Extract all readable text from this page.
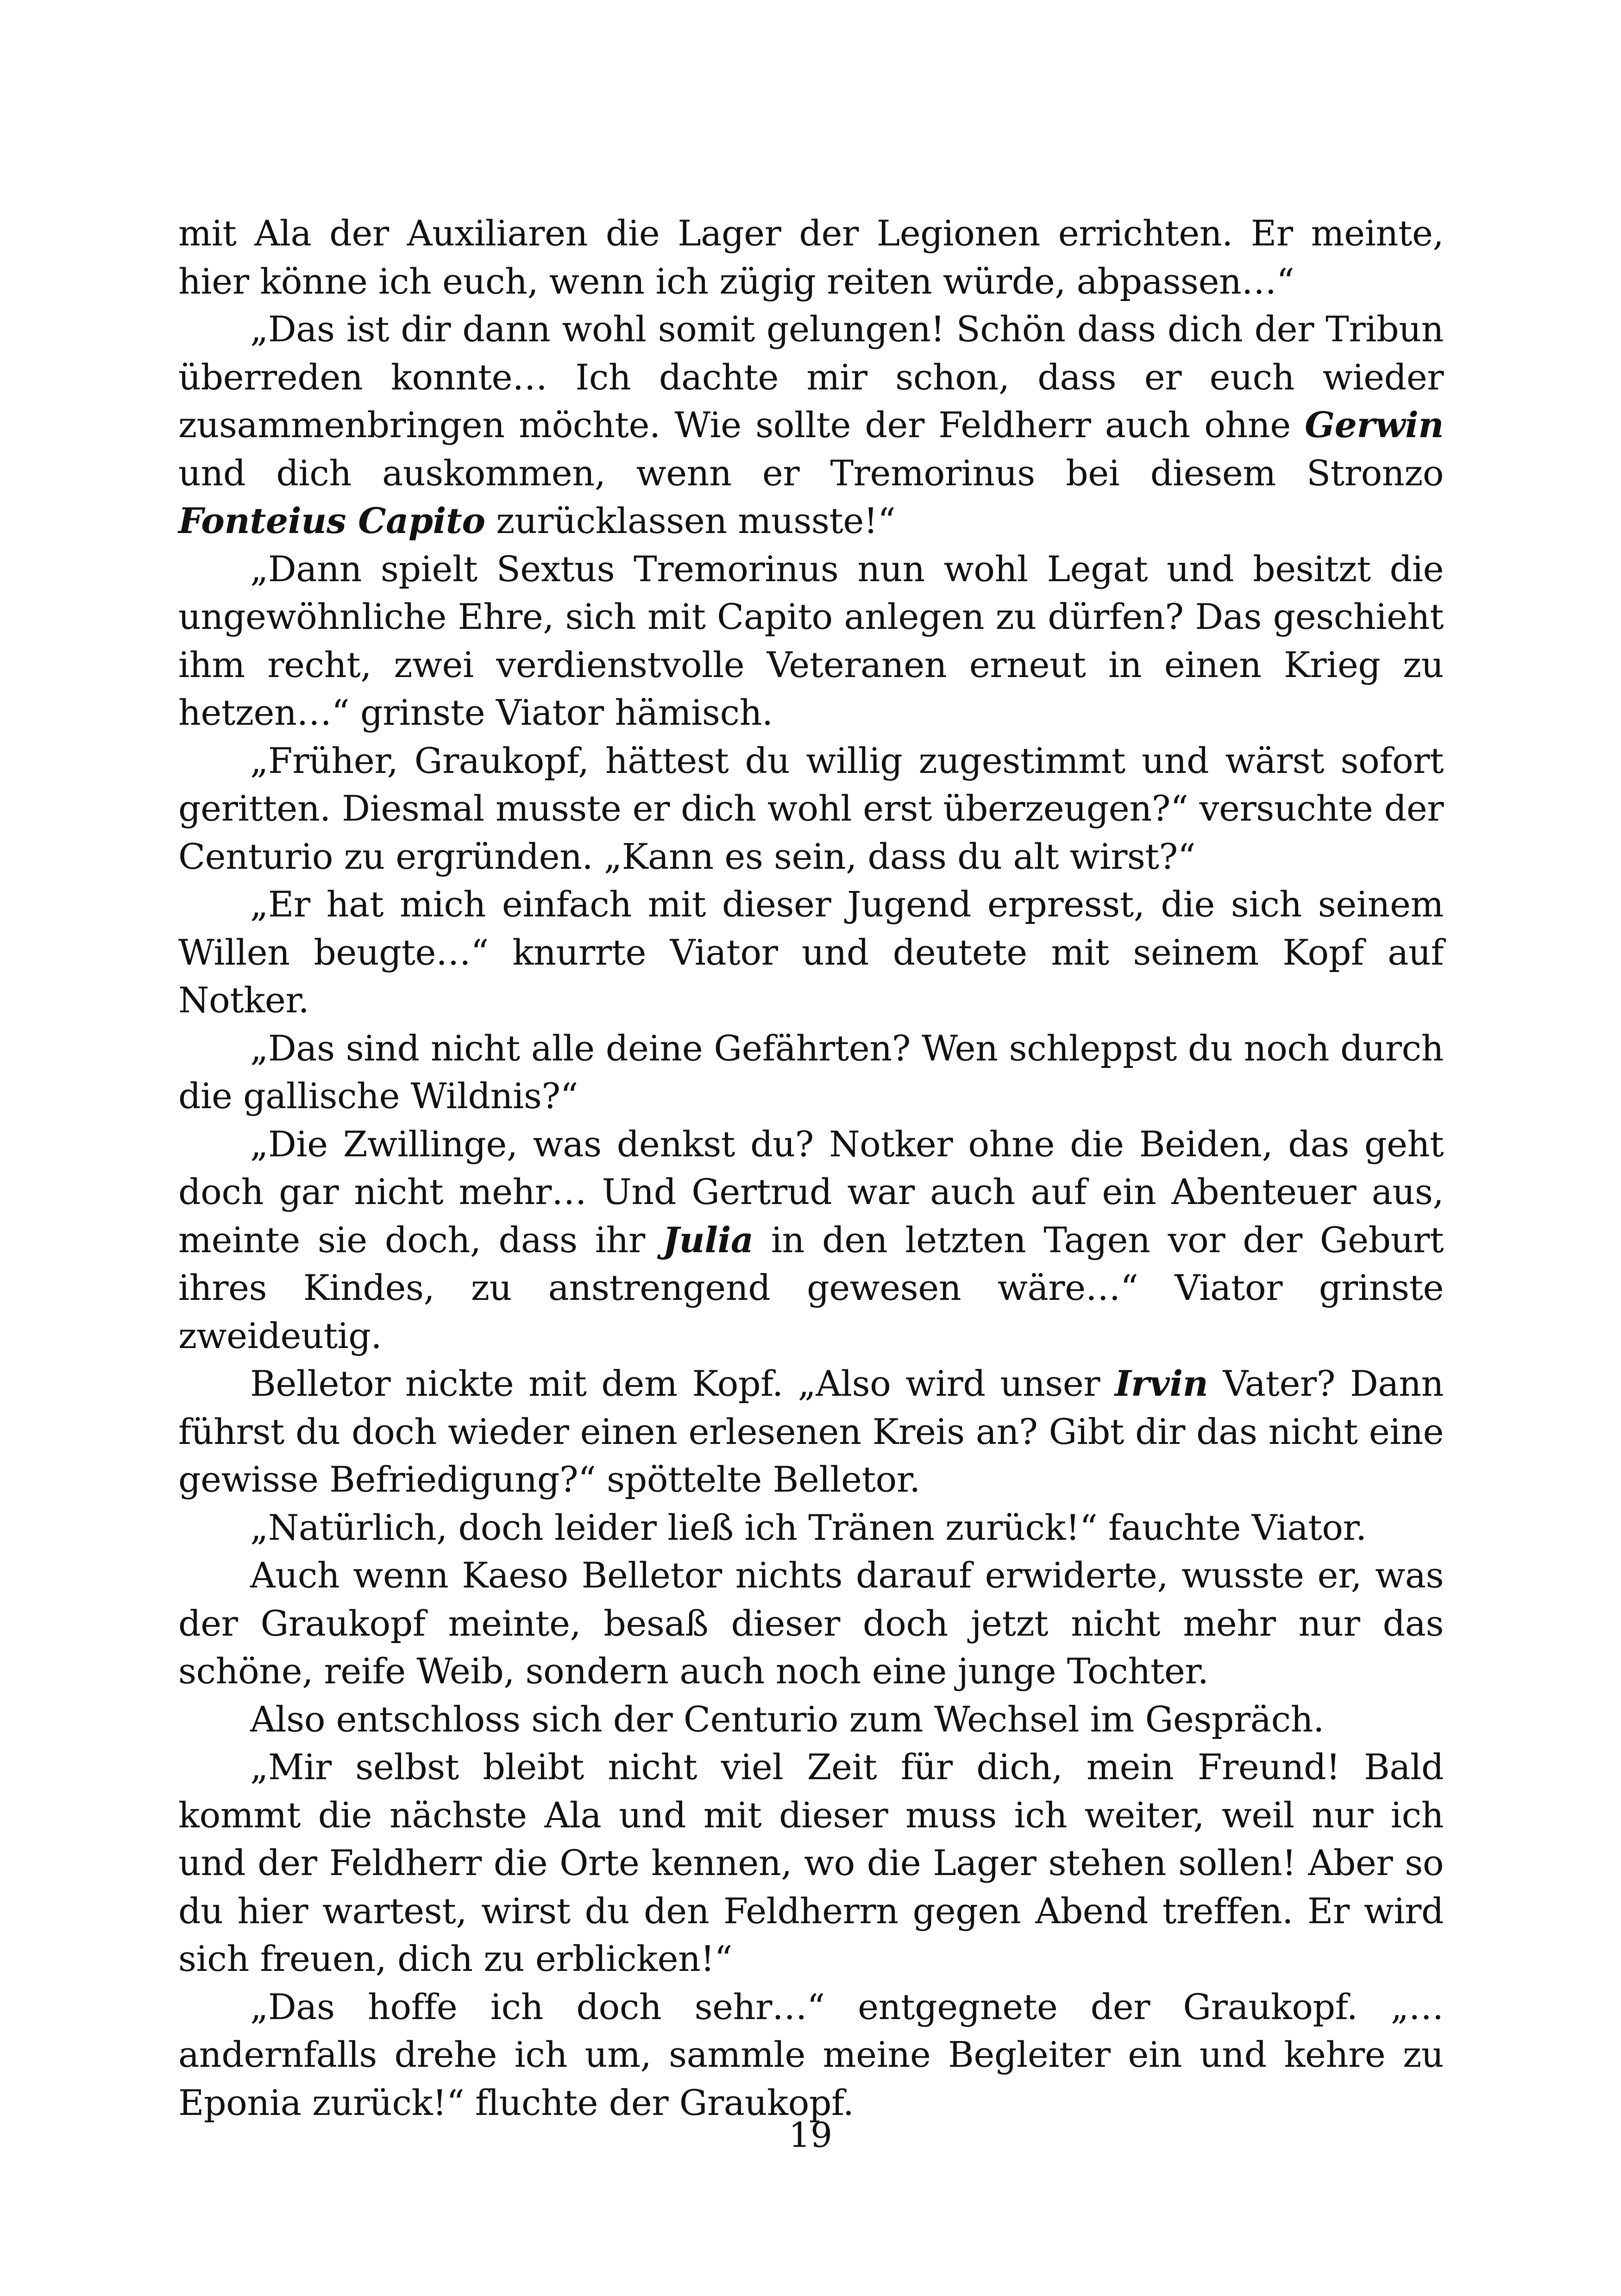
mit Ala der Auxiliaren die Lager der Legionen errichten. Er meinte, hier könne ich euch, wenn ich zügig reiten würde, abpassen…“

„Das ist dir dann wohl somit gelungen! Schön dass dich der Tribun überreden konnte… Ich dachte mir schon, dass er euch wieder zusammenbringen möchte. Wie sollte der Feldherr auch ohne Gerwin und dich auskommen, wenn er Tremorinus bei diesem Stronzo Fonteius Capito zurücklassen musste!“

„Dann spielt Sextus Tremorinus nun wohl Legat und besitzt die ungewöhnliche Ehre, sich mit Capito anlegen zu dürfen? Das geschieht ihm recht, zwei verdienstvolle Veteranen erneut in einen Krieg zu hetzen…“ grinste Viator hämisch.

„Früher, Graukopf, hättest du willig zugestimmt und wärst sofort geritten. Diesmal musste er dich wohl erst überzeugen?“ versuchte der Centurio zu ergründen. „Kann es sein, dass du alt wirst?“

„Er hat mich einfach mit dieser Jugend erpresst, die sich seinem Willen beugte…“ knurrte Viator und deutete mit seinem Kopf auf Notker.

„Das sind nicht alle deine Gefährten? Wen schleppst du noch durch die gallische Wildnis?“

„Die Zwillinge, was denkst du? Notker ohne die Beiden, das geht doch gar nicht mehr… Und Gertrud war auch auf ein Abenteuer aus, meinte sie doch, dass ihr Julia in den letzten Tagen vor der Geburt ihres Kindes, zu anstrengend gewesen wäre…“ Viator grinste zweideutig.

Belletor nickte mit dem Kopf. „Also wird unser Irvin Vater? Dann führst du doch wieder einen erlesenen Kreis an? Gibt dir das nicht eine gewisse Befriedigung?“ spöttelte Belletor.

„Natürlich, doch leider ließ ich Tränen zurück!“ fauchte Viator.

Auch wenn Kaeso Belletor nichts darauf erwiderte, wusste er, was der Graukopf meinte, besaß dieser doch jetzt nicht mehr nur das schöne, reife Weib, sondern auch noch eine junge Tochter.

Also entschloss sich der Centurio zum Wechsel im Gespräch.

„Mir selbst bleibt nicht viel Zeit für dich, mein Freund! Bald kommt die nächste Ala und mit dieser muss ich weiter, weil nur ich und der Feldherr die Orte kennen, wo die Lager stehen sollen! Aber so du hier wartest, wirst du den Feldherrn gegen Abend treffen. Er wird sich freuen, dich zu erblicken!“

„Das hoffe ich doch sehr…“ entgegnete der Graukopf. „…andernfalls drehe ich um, sammle meine Begleiter ein und kehre zu Eponia zurück!“ fluchte der Graukopf.

19
